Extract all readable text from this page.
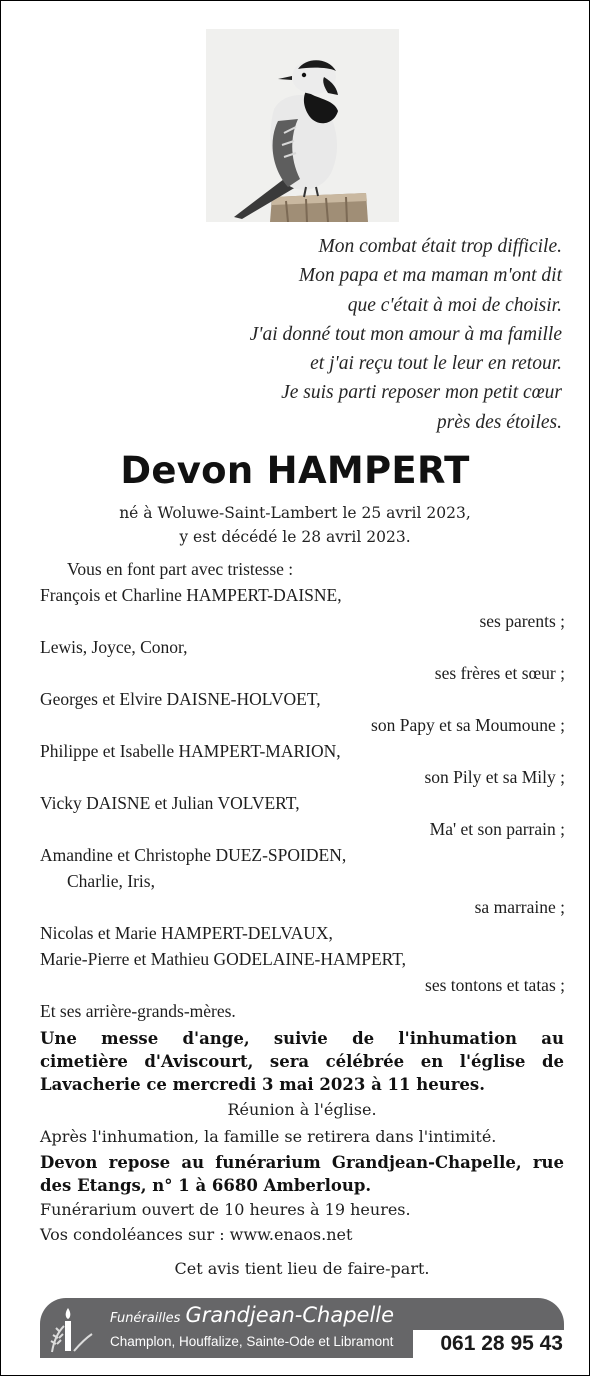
Mon combat était trop difficile.
Mon papa et ma maman m'ont dit
que c'était à moi de choisir.
J'ai donné tout mon amour à ma famille
et j'ai reçu tout le leur en retour.
Je suis parti reposer mon petit cœur
près des étoiles.
Devon HAMPERT
né à Woluwe-Saint-Lambert le 25 avril 2023,
y est décédé le 28 avril 2023.
Vous en font part avec tristesse :
François et Charline HAMPERT-DAISNE,
ses parents ;
Lewis, Joyce, Conor,
ses frères et sœur ;
Georges et Elvire DAISNE-HOLVOET,
son Papy et sa Moumoune ;
Philippe et Isabelle HAMPERT-MARION,
son Pily et sa Mily ;
Vicky DAISNE et Julian VOLVERT,
Ma' et son parrain ;
Amandine et Christophe DUEZ-SPOIDEN,
Charlie, Iris,
sa marraine ;
Nicolas et Marie HAMPERT-DELVAUX,
Marie-Pierre et Mathieu GODELAINE-HAMPERT,
ses tontons et tatas ;
Et ses arrière-grands-mères.
Une messe d'ange, suivie de l'inhumation au
cimetière d'Aviscourt, sera célébrée en l'église de
Lavacherie ce mercredi 3 mai 2023 à 11 heures.
Réunion à l'église.
Après l'inhumation, la famille se retirera dans l'intimité.
Devon repose au funérarium Grandjean-Chapelle, rue
des Etangs, n° 1 à 6680 Amberloup.
Funérarium ouvert de 10 heures à 19 heures.
Vos condoléances sur : www.enaos.net
Cet avis tient lieu de faire-part.
Funérailles Grandjean-Chapelle
Champlon, Houffalize, Sainte-Ode et Libramont	061 28 95 43
